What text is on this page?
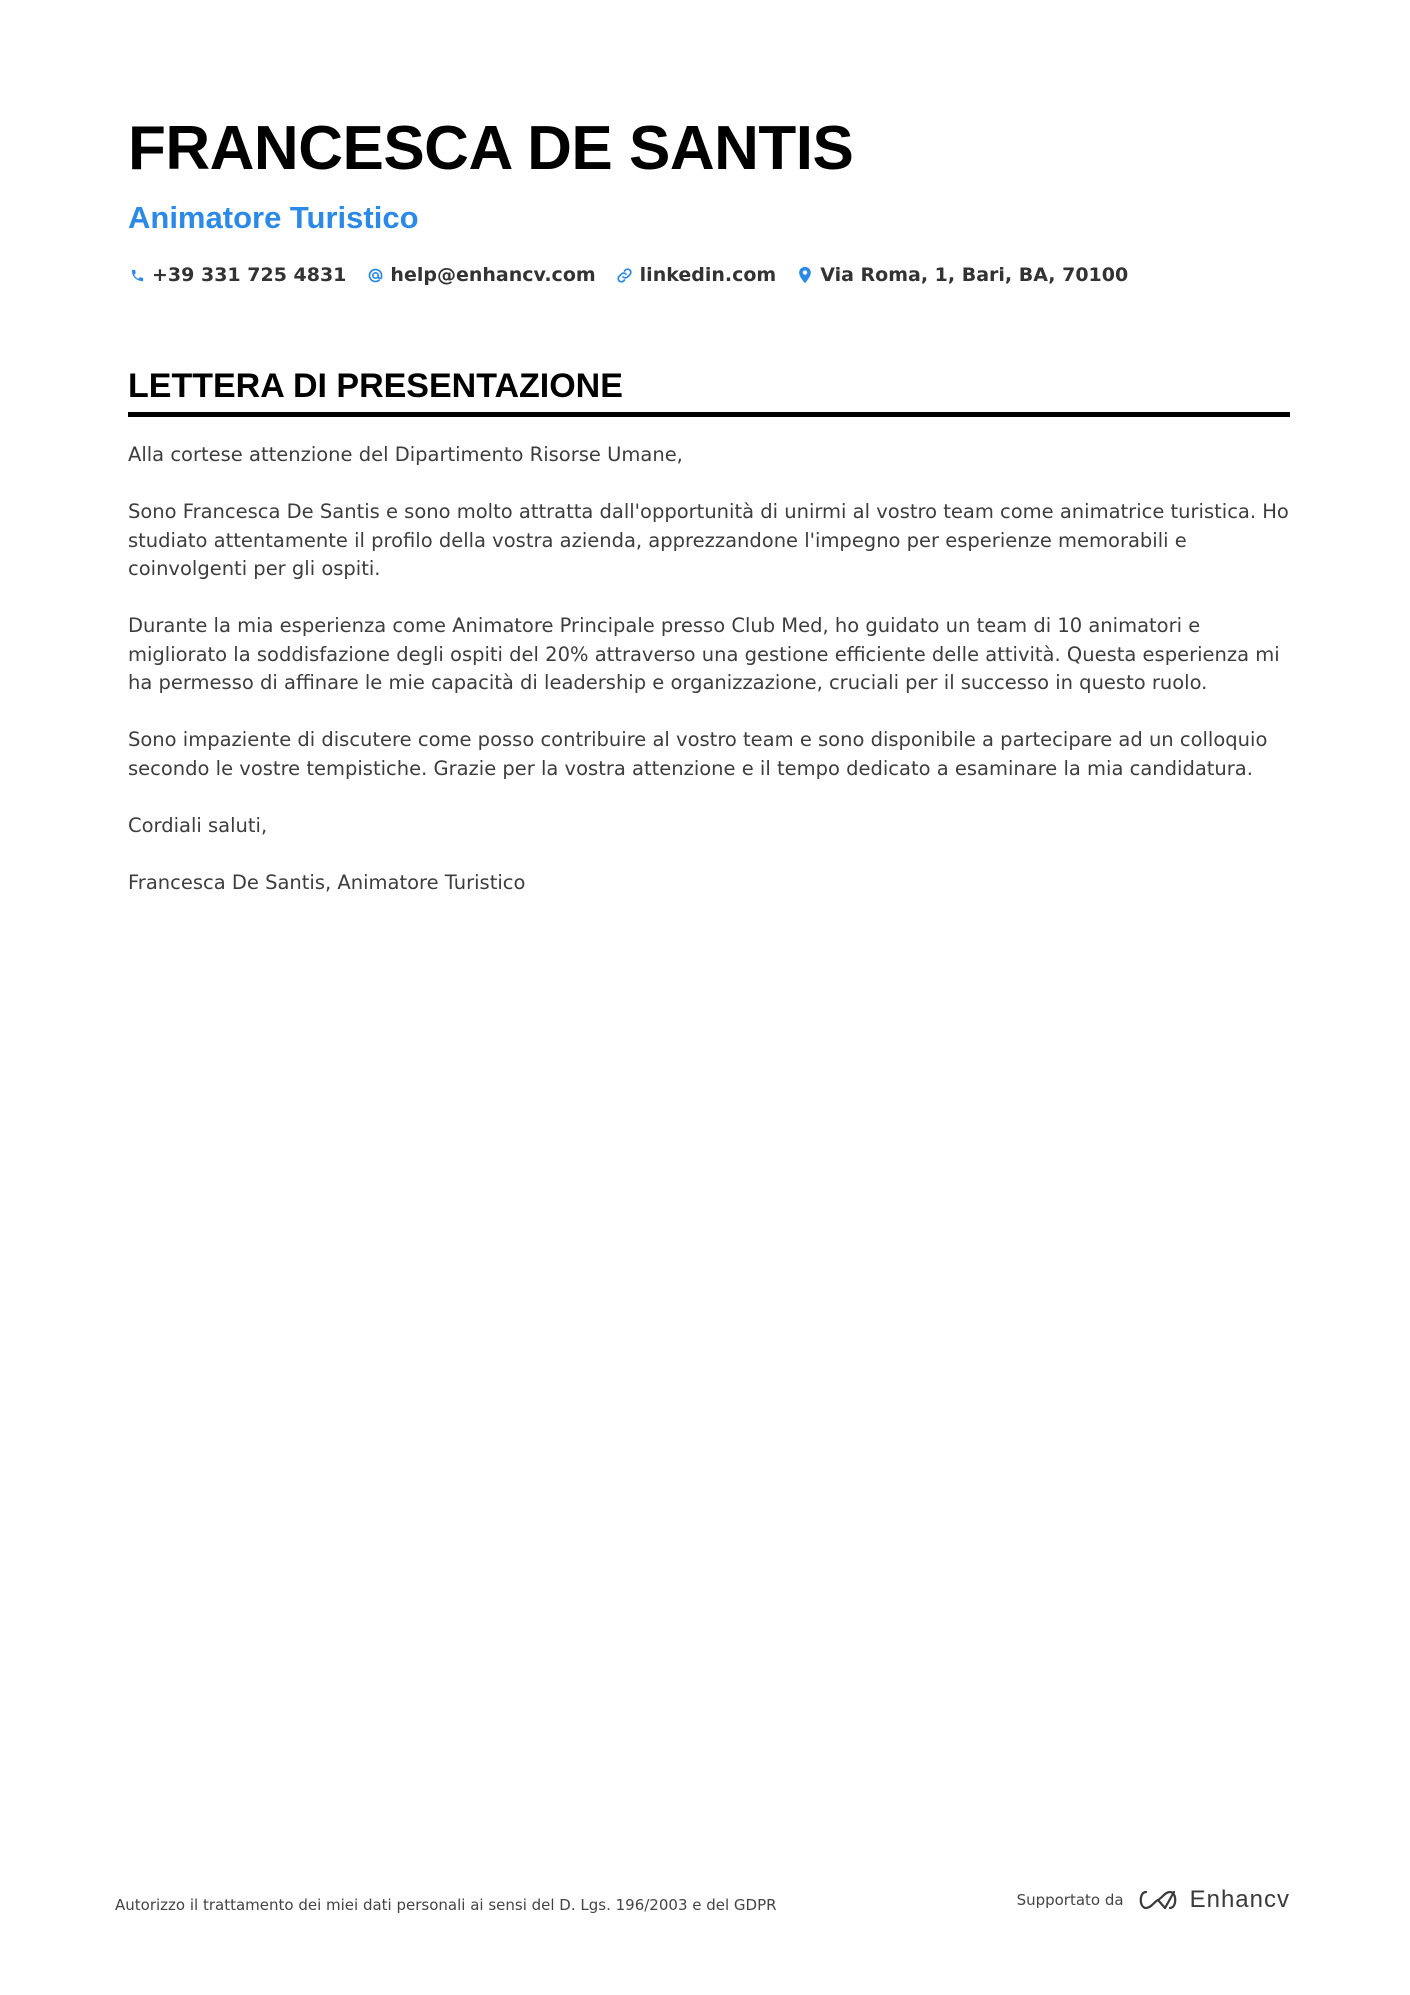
FRANCESCA DE SANTIS
Animatore Turistico
+39 331 725 4831 help@enhancv.com linkedin.com Via Roma, 1, Bari, BA, 70100
LETTERA DI PRESENTAZIONE

Alla cortese attenzione del Dipartimento Risorse Umane,

Sono Francesca De Santis e sono molto attratta dall'opportunità di unirmi al vostro team come animatrice turistica. Ho studiato attentamente il profilo della vostra azienda, apprezzandone l'impegno per esperienze memorabili e coinvolgenti per gli ospiti.

Durante la mia esperienza come Animatore Principale presso Club Med, ho guidato un team di 10 animatori e migliorato la soddisfazione degli ospiti del 20% attraverso una gestione efficiente delle attività. Questa esperienza mi ha permesso di affinare le mie capacità di leadership e organizzazione, cruciali per il successo in questo ruolo.

Sono impaziente di discutere come posso contribuire al vostro team e sono disponibile a partecipare ad un colloquio secondo le vostre tempistiche. Grazie per la vostra attenzione e il tempo dedicato a esaminare la mia candidatura.

Cordiali saluti,

Francesca De Santis, Animatore Turistico

Autorizzo il trattamento dei miei dati personali ai sensi del D. Lgs. 196/2003 e del GDPR	Supportato da	Enhancv
